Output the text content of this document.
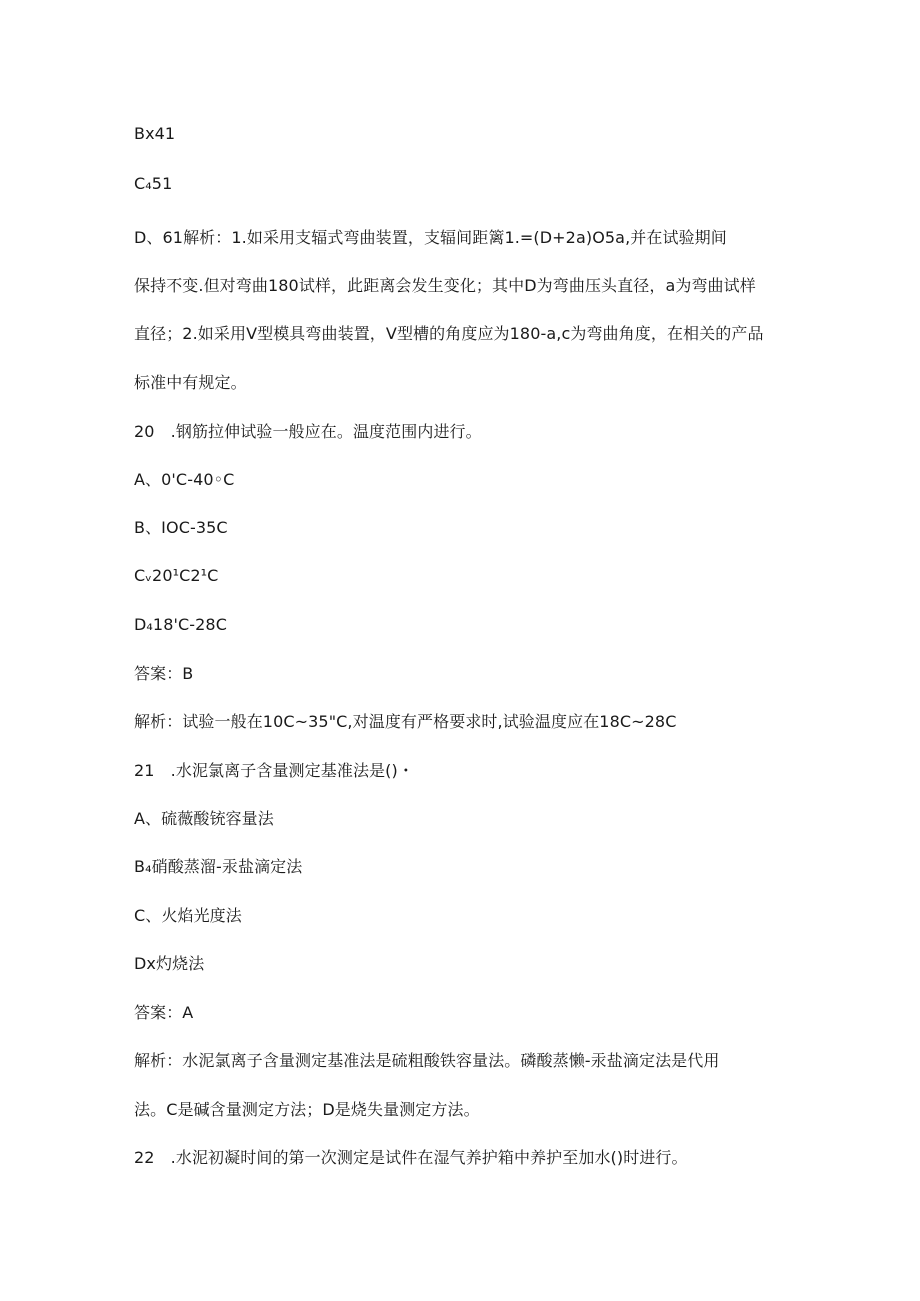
Bx41
C₄51
D、61解析：1.如采用支辐式弯曲装置，支辐间距篱1.=(D+2a)O5a,并在试验期间
保持不变.但对弯曲180试样，此距离会发生变化；其中D为弯曲压头直径，a为弯曲试样
直径；2.如采用V型模具弯曲装置，V型槽的角度应为180-a,c为弯曲角度，在相关的产品
标准中有规定。
20　.钢筋拉伸试验一般应在。温度范围内进行。
A、0'C-40◦C
B、IOC-35C
Cᵥ20¹C2¹C
D₄18'C-28C
答案：B
解析：试验一般在10C~35"C,对温度有严格要求时,试验温度应在18C~28C
21　.水泥氯离子含量测定基准法是()・
A、硫薇酸铳容量法
B₄硝酸蒸溜-汞盐滴定法
C、火焰光度法
Dx灼烧法
答案：A
解析：水泥氯离子含量测定基准法是硫粗酸铁容量法。磷酸蒸懒-汞盐滴定法是代用
法。C是碱含量测定方法；D是烧失量测定方法。
22　.水泥初凝时间的第一次测定是试件在湿气养护箱中养护至加水()时进行。
